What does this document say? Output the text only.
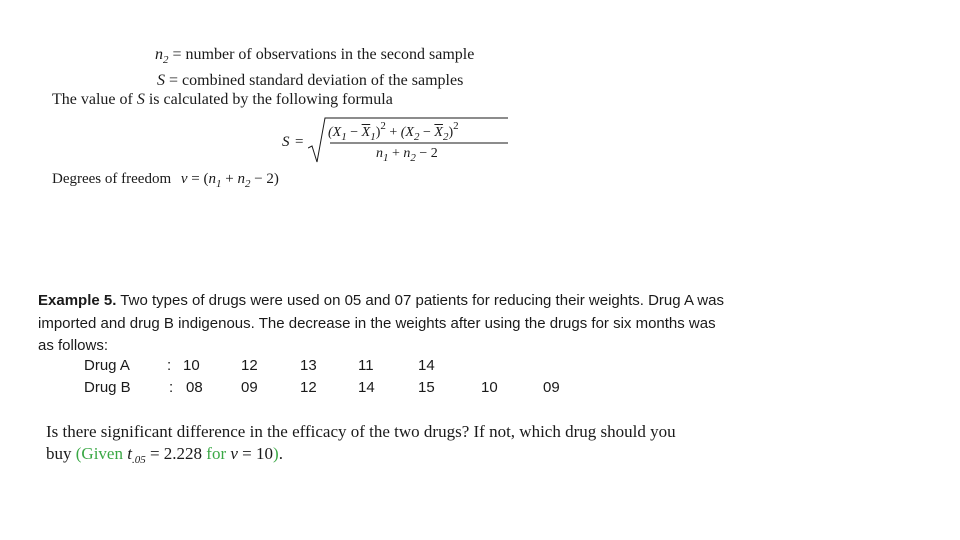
$n_2$ = number of observations in the second sample
S = combined standard deviation of the samples
The value of S is calculated by the following formula
S =
$(X_1 - \overline{X}_1)^2 + (X_2 - \overline{X}_2)^2$
$n_1 + n_2 - 2$
Degrees of freedom $\nu = (n_1 + n_2 - 2)$
Example 5. Two types of drugs were used on 05 and 07 patients for reducing their weights. Drug A was
imported and drug B indigenous. The decrease in the weights after using the drugs for six months was
as follows:
Drug A : 10	12	13	11	14
Drug B	: 08	09	12	14	15	10	09
Is there significant difference in the efficacy of the two drugs? If not, which drug should you
buy (Given $t_{.05} = 2.228$ for ν = 10).
